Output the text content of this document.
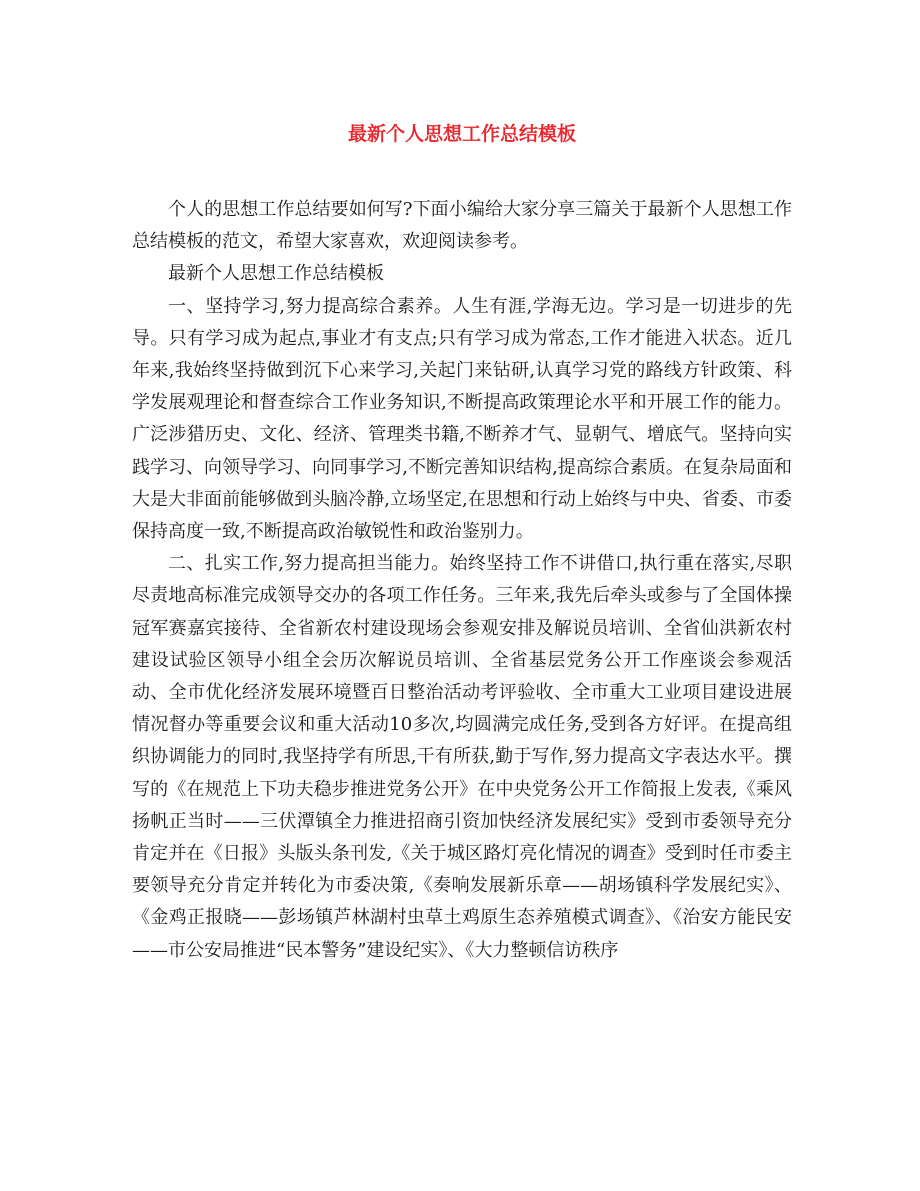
最新个人思想工作总结模板

个人的思想工作总结要如何写?下面小编给大家分享三篇关于最新个人思想工作总结模板的范文，希望大家喜欢，欢迎阅读参考。

最新个人思想工作总结模板

一、坚持学习,努力提高综合素养。人生有涯,学海无边。学习是一切进步的先导。只有学习成为起点,事业才有支点;只有学习成为常态,工作才能进入状态。近几年来,我始终坚持做到沉下心来学习,关起门来钻研,认真学习党的路线方针政策、科学发展观理论和督查综合工作业务知识,不断提高政策理论水平和开展工作的能力。广泛涉猎历史、文化、经济、管理类书籍,不断养才气、显朝气、增底气。坚持向实践学习、向领导学习、向同事学习,不断完善知识结构,提高综合素质。在复杂局面和大是大非面前能够做到头脑冷静,立场坚定,在思想和行动上始终与中央、省委、市委保持高度一致,不断提高政治敏锐性和政治鉴别力。

二、扎实工作,努力提高担当能力。始终坚持工作不讲借口,执行重在落实,尽职尽责地高标准完成领导交办的各项工作任务。三年来,我先后牵头或参与了全国体操冠军赛嘉宾接待、全省新农村建设现场会参观安排及解说员培训、全省仙洪新农村建设试验区领导小组全会历次解说员培训、全省基层党务公开工作座谈会参观活动、全市优化经济发展环境暨百日整治活动考评验收、全市重大工业项目建设进展情况督办等重要会议和重大活动10多次,均圆满完成任务,受到各方好评。在提高组织协调能力的同时,我坚持学有所思,干有所获,勤于写作,努力提高文字表达水平。撰写的《在规范上下功夫稳步推进党务公开》在中央党务公开工作简报上发表,《乘风扬帆正当时——三伏潭镇全力推进招商引资加快经济发展纪实》受到市委领导充分肯定并在《日报》头版头条刊发,《关于城区路灯亮化情况的调查》受到时任市委主要领导充分肯定并转化为市委决策,《奏响发展新乐章——胡场镇科学发展纪实》、《金鸡正报晓——彭场镇芦林湖村虫草土鸡原生态养殖模式调查》、《治安方能民安——市公安局推进“民本警务”建设纪实》、《大力整顿信访秩序
